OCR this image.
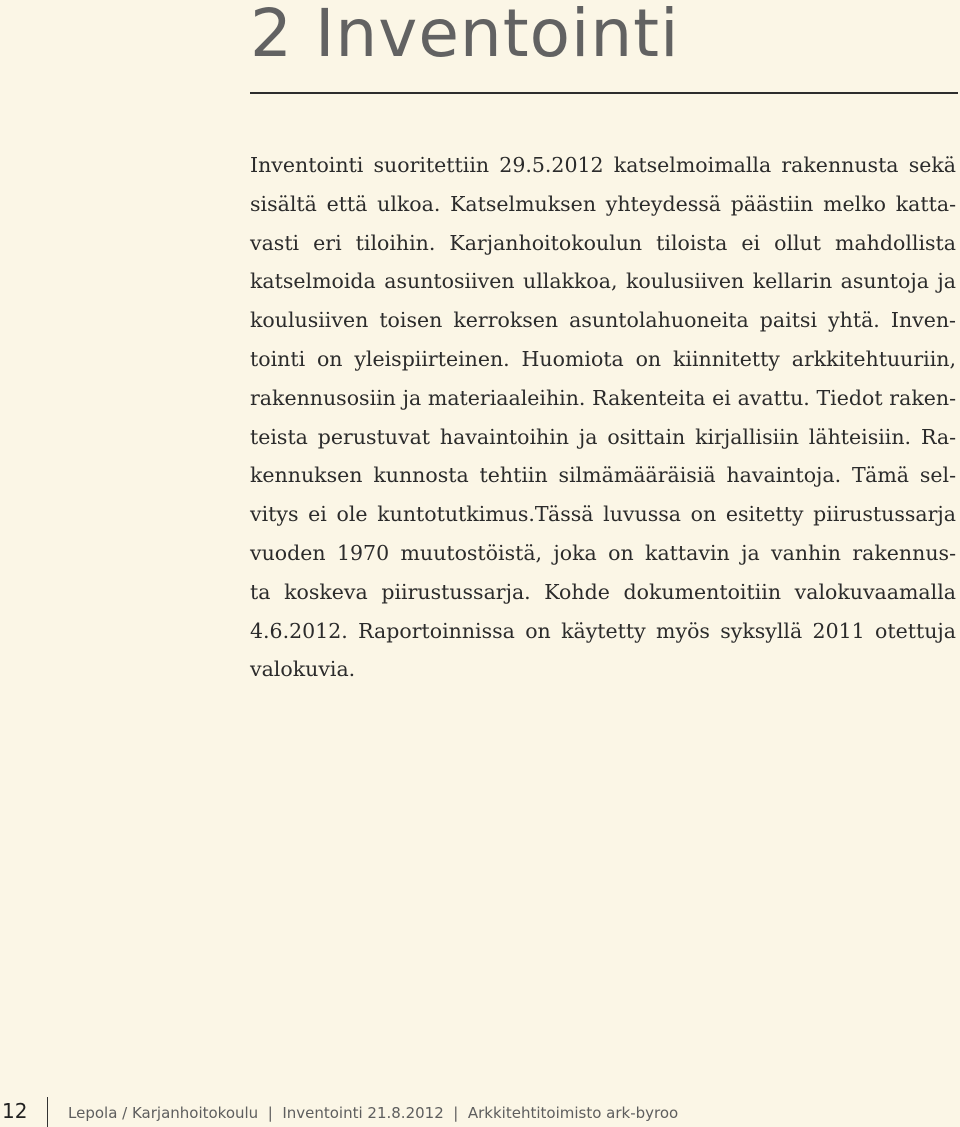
2 Inventointi
Inventointi suoritettiin 29.5.2012 katselmoimalla rakennusta sekä
sisältä että ulkoa. Katselmuksen yhteydessä päästiin melko katta-
vasti eri tiloihin. Karjanhoitokoulun tiloista ei ollut mahdollista
katselmoida asuntosiiven ullakkoa, koulusiiven kellarin asuntoja ja
koulusiiven toisen kerroksen asuntolahuoneita paitsi yhtä. Inven-
tointi on yleispiirteinen. Huomiota on kiinnitetty arkkitehtuuriin,
rakennusosiin ja materiaaleihin. Rakenteita ei avattu. Tiedot raken-
teista perustuvat havaintoihin ja osittain kirjallisiin lähteisiin. Ra-
kennuksen kunnosta tehtiin silmämääräisiä havaintoja. Tämä sel-
vitys ei ole kuntotutkimus.Tässä luvussa on esitetty piirustussarja
vuoden 1970 muutostöistä, joka on kattavin ja vanhin rakennus-
ta koskeva piirustussarja. Kohde dokumentoitiin valokuvaamalla
4.6.2012. Raportoinnissa on käytetty myös syksyllä 2011 otettuja
valokuvia.
12	Lepola / Karjanhoitokoulu  |  Inventointi 21.8.2012  |  Arkkitehtitoimisto ark-byroo
